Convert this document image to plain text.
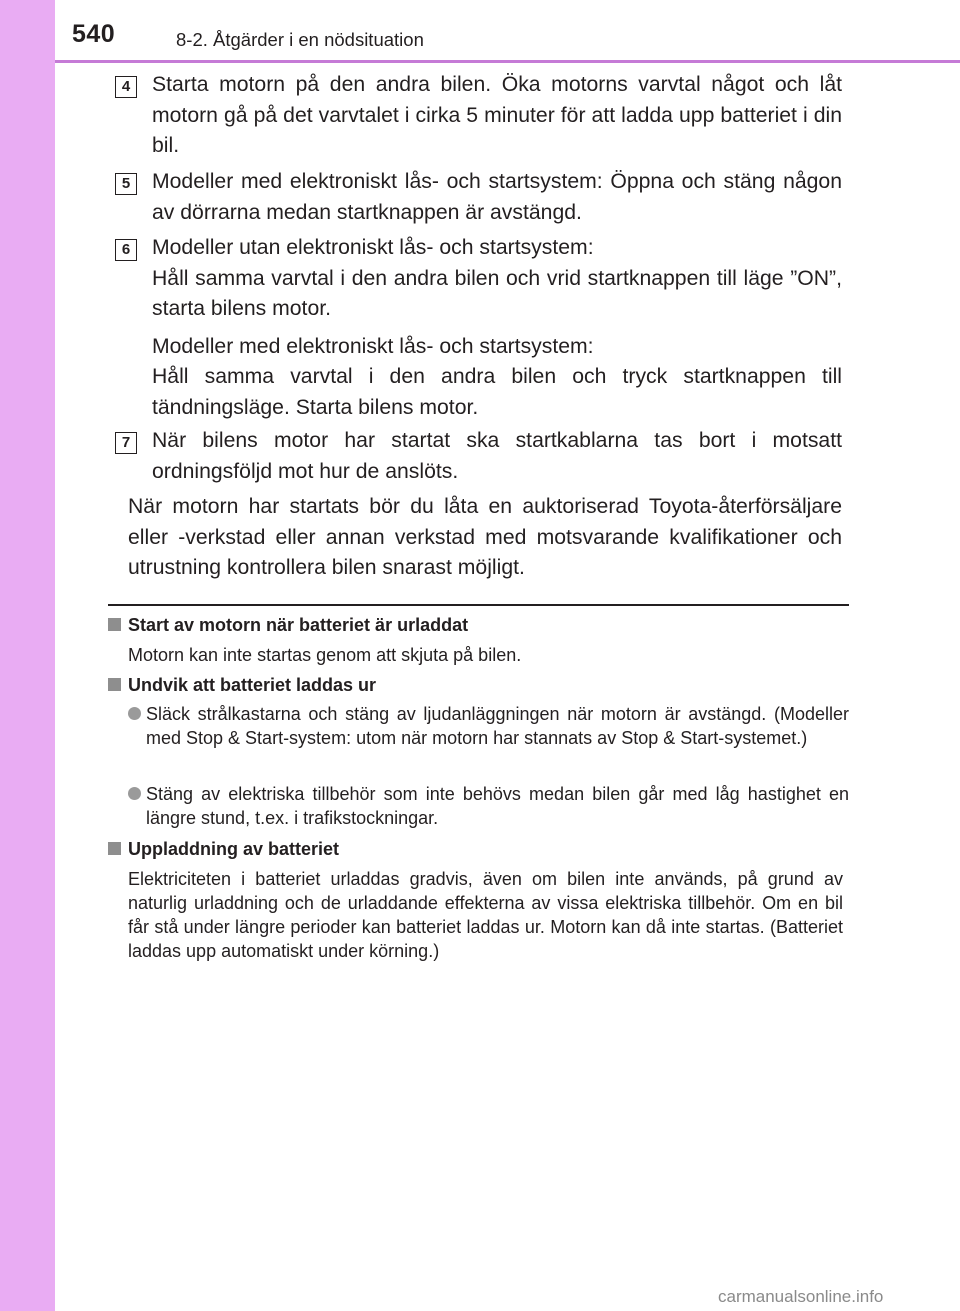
540	8-2. Åtgärder i en nödsituation
4	Starta motorn på den andra bilen. Öka motorns varvtal något och låt motorn gå på det varvtalet i cirka 5 minuter för att ladda upp batteriet i din bil.
5	Modeller med elektroniskt lås- och startsystem: Öppna och stäng någon av dörrarna medan startknappen är avstängd.
6	Modeller utan elektroniskt lås- och startsystem:

Håll samma varvtal i den andra bilen och vrid startknappen till läge ”ON”, starta bilens motor.

Modeller med elektroniskt lås- och startsystem:

Håll samma varvtal i den andra bilen och tryck startknappen till tändningsläge. Starta bilens motor.

7	När bilens motor har startat ska startkablarna tas bort i motsatt ordningsföljd mot hur de anslöts.
När motorn har startats bör du låta en auktoriserad Toyota-återförsäljare eller -verkstad eller annan verkstad med motsvarande kvalifikationer och utrustning kontrollera bilen snarast möjligt.
Start av motorn när batteriet är urladdat
Motorn kan inte startas genom att skjuta på bilen.
Undvik att batteriet laddas ur
Släck strålkastarna och stäng av ljudanläggningen när motorn är avstängd. (Modeller med Stop & Start-system: utom när motorn har stannats av Stop & Start-systemet.)
Stäng av elektriska tillbehör som inte behövs medan bilen går med låg hastighet en längre stund, t.ex. i trafikstockningar.
Uppladdning av batteriet
Elektriciteten i batteriet urladdas gradvis, även om bilen inte används, på grund av naturlig urladdning och de urladdande effekterna av vissa elektriska tillbehör. Om en bil får stå under längre perioder kan batteriet laddas ur. Motorn kan då inte startas. (Batteriet laddas upp automatiskt under körning.)
carmanualsonline.info
